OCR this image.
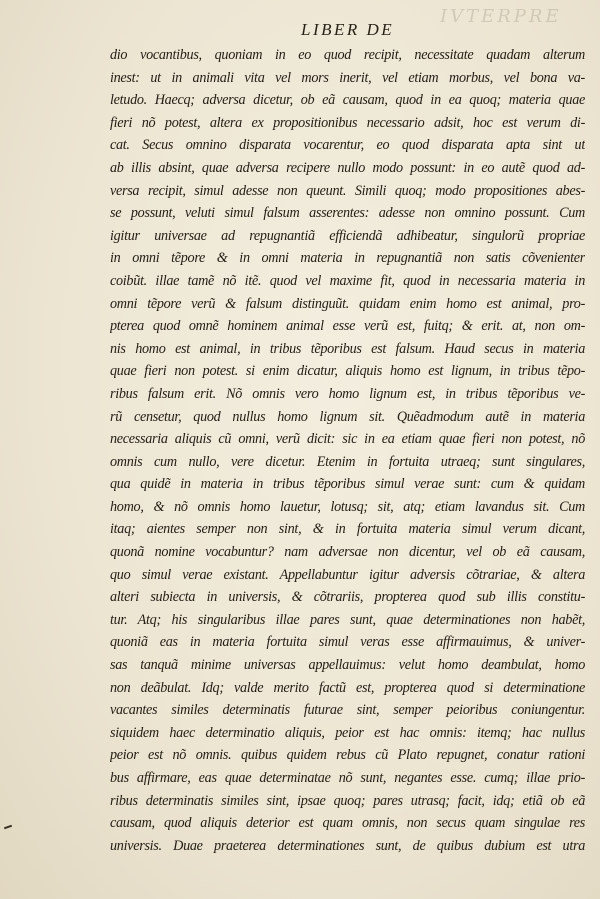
IVTERPRE
LIBER DE
dio vocantibus, quoniam in eo quod recipit, necessitate quadam alterum
inest: ut in animali vita vel mors inerit, vel etiam morbus, vel bona va-
letudo. Haecq; adversa dicetur, ob eã causam, quod in ea quoq; materia quae
fieri nõ potest, altera ex propositionibus necessario adsit, hoc est verum di-
cat. Secus omnino disparata vocarentur, eo quod disparata apta sint ut
ab illis absint, quae adversa recipere nullo modo possunt: in eo autẽ quod ad-
versa recipit, simul adesse non queunt. Simili quoq; modo propositiones abes-
se possunt, veluti simul falsum asserentes: adesse non omnino possunt. Cum
igitur universae ad repugnantiã efficiendã adhibeatur, singulorũ propriae
in omni tẽpore & in omni materia in repugnantiã non satis cõvenienter
coibũt. illae tamẽ nõ itẽ. quod vel maxime fit, quod in necessaria materia in
omni tẽpore verũ & falsum distinguũt. quidam enim homo est animal, pro-
pterea quod omnẽ hominem animal esse verũ est, fuitq; & erit. at, non om-
nis homo est animal, in tribus tẽporibus est falsum. Haud secus in materia
quae fieri non potest. si enim dicatur, aliquis homo est lignum, in tribus tẽpo-
ribus falsum erit. Nõ omnis vero homo lignum est, in tribus tẽporibus ve-
rũ censetur, quod nullus homo lignum sit. Quẽadmodum autẽ in materia
necessaria aliquis cũ omni, verũ dicit: sic in ea etiam quae fieri non potest, nõ
omnis cum nullo, vere dicetur. Etenim in fortuita utraeq; sunt singulares,
qua quidẽ in materia in tribus tẽporibus simul verae sunt: cum & quidam
homo, & nõ omnis homo lauetur, lotusq; sit, atq; etiam lavandus sit. Cum
itaq; aientes semper non sint, & in fortuita materia simul verum dicant,
quonã nomine vocabuntur? nam adversae non dicentur, vel ob eã causam,
quo simul verae existant. Appellabuntur igitur adversis cõtrariae, & altera
alteri subiecta in universis, & cõtrariis, propterea quod sub illis constitu-
tur. Atq; his singularibus illae pares sunt, quae determinationes non habẽt,
quoniã eas in materia fortuita simul veras esse affirmauimus, & univer-
sas tanquã minime universas appellauimus: velut homo deambulat, homo
non deãbulat. Idq; valde merito factũ est, propterea quod si determinatione
vacantes similes determinatis futurae sint, semper peioribus coniungentur.
siquidem haec determinatio aliquis, peior est hac omnis: itemq; hac nullus
peior est nõ omnis. quibus quidem rebus cũ Plato repugnet, conatur rationi
bus affirmare, eas quae determinatae nõ sunt, negantes esse. cumq; illae prio-
ribus determinatis similes sint, ipsae quoq; pares utrasq; facit, idq; etiã ob eã
causam, quod aliquis deterior est quam omnis, non secus quam singulae res
universis. Duae praeterea determinationes sunt, de quibus dubium est utra
